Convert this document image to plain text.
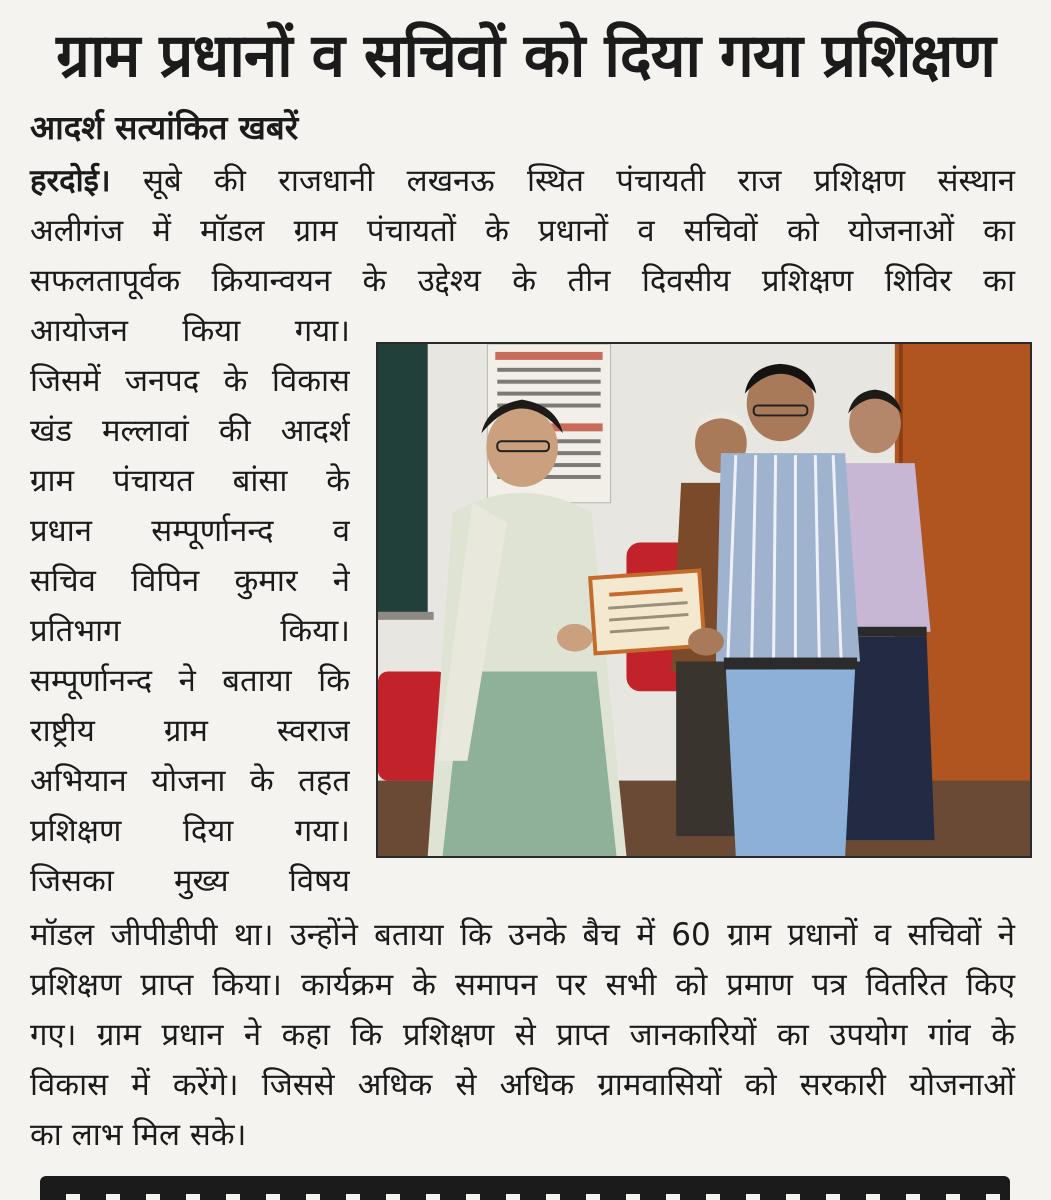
ग्राम प्रधानों व सचिवों को दिया गया प्रशिक्षण

आदर्श सत्यांकित खबरें

हरदोई। सूबे की राजधानी लखनऊ स्थित पंचायती राज प्रशिक्षण संस्थान

अलीगंज में मॉडल ग्राम पंचायतों के प्रधानों व सचिवों को योजनाओं का

सफलतापूर्वक क्रियान्वयन के उद्देश्य के तीन दिवसीय प्रशिक्षण शिविर का

आयोजन किया गया।
जिसमें जनपद के विकास
खंड मल्लावां की आदर्श
ग्राम पंचायत बांसा के
प्रधान सम्पूर्णानन्द व
सचिव विपिन कुमार ने
प्रतिभाग किया।
सम्पूर्णानन्द ने बताया कि
राष्ट्रीय ग्राम स्वराज
अभियान योजना के तहत
प्रशिक्षण दिया गया।
जिसका मुख्य विषय

मॉडल जीपीडीपी था। उन्होंने बताया कि उनके बैच में 60 ग्राम प्रधानों व सचिवों ने

प्रशिक्षण प्राप्त किया। कार्यक्रम के समापन पर सभी को प्रमाण पत्र वितरित किए

गए। ग्राम प्रधान ने कहा कि प्रशिक्षण से प्राप्त जानकारियों का उपयोग गांव के

विकास में करेंगे। जिससे अधिक से अधिक ग्रामवासियों को सरकारी योजनाओं

का लाभ मिल सके।
